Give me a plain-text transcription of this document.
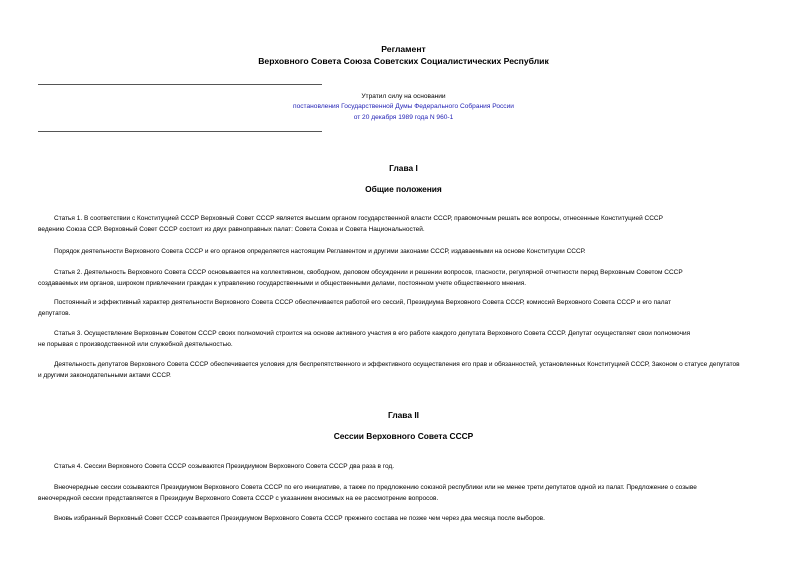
Регламент
Верховного Совета Союза Советских Социалистических Республик
Утратил силу на основании
постановления Государственной Думы Федерального Собрания России
от 20 декабря 1989 года N 960-1
Глава I
Общие положения
Статья 1. В соответствии с Конституцией СССР Верховный Совет СССР является высшим органом государственной власти СССР, правомочным решать все вопросы, отнесенные Конституцией СССР
ведению Союза ССР. Верховный Совет СССР состоит из двух равноправных палат: Совета Союза и Совета Национальностей.
Порядок деятельности Верховного Совета СССР и его органов определяется настоящим Регламентом и другими законами СССР, издаваемыми на основе Конституции СССР.
Статья 2. Деятельность Верховного Совета СССР основывается на коллективном, свободном, деловом обсуждении и решении вопросов, гласности, регулярной отчетности перед Верховным Советом СССР
создаваемых им органов, широком привлечении граждан к управлению государственными и общественными делами, постоянном учете общественного мнения.
Постоянный и эффективный характер деятельности Верховного Совета СССР обеспечивается работой его сессий, Президиума Верховного Совета СССР, комиссий Верховного Совета СССР и его палат
депутатов.
Статья 3. Осуществление Верховным Советом СССР своих полномочий строится на основе активного участия в его работе каждого депутата Верховного Совета СССР. Депутат осуществляет свои полномочия
не порывая с производственной или служебной деятельностью.
Деятельность депутатов Верховного Совета СССР обеспечивается условия для беспрепятственного и эффективного осуществления его прав и обязанностей, установленных Конституцией СССР, Законом о статусе депутатов
и другими законодательными актами СССР.
Глава II
Сессии Верховного Совета СССР
Статья 4. Сессии Верховного Совета СССР созываются Президиумом Верховного Совета СССР два раза в год.
Внеочередные сессии созываются Президиумом Верховного Совета СССР по его инициативе, а также по предложению союзной республики или не менее трети депутатов одной из палат. Предложение о созыве
внеочередной сессии представляется в Президиум Верховного Совета СССР с указанием вносимых на ее рассмотрение вопросов.
Вновь избранный Верховный Совет СССР созывается Президиумом Верховного Совета СССР прежнего состава не позже чем через два месяца после выборов.
